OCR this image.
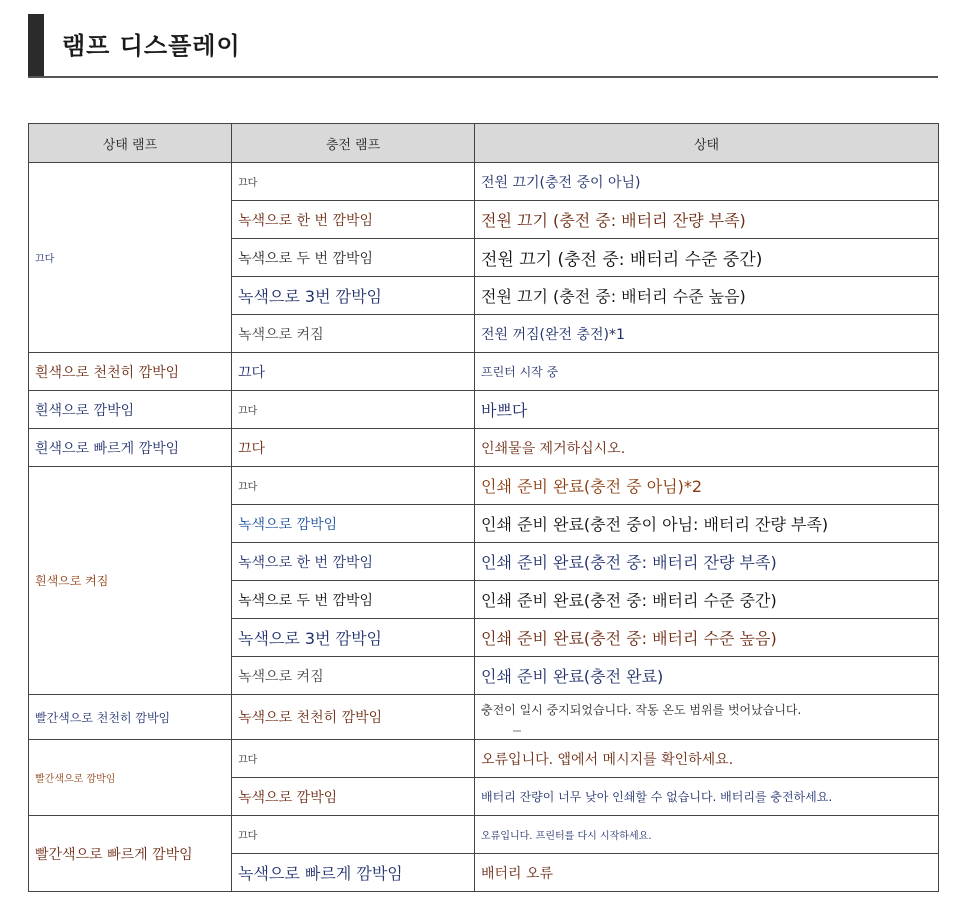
램프 디스플레이
상태 램프	충전 램프	상태
끄다	끄다	전원 끄기(충전 중이 아님)
	녹색으로 한 번 깜박임	전원 끄기 (충전 중: 배터리 잔량 부족)
	녹색으로 두 번 깜박임	전원 끄기 (충전 중: 배터리 수준 중간)
	녹색으로 3번 깜박임	전원 끄기 (충전 중: 배터리 수준 높음)
	녹색으로 켜짐	전원 꺼짐(완전 충전)*1
흰색으로 천천히 깜박임	끄다	프린터 시작 중
흰색으로 깜박임	끄다	바쁘다
흰색으로 빠르게 깜박임	끄다	인쇄물을 제거하십시오.
흰색으로 켜짐	끄다	인쇄 준비 완료(충전 중 아님)*2
	녹색으로 깜박임	인쇄 준비 완료(충전 중이 아님: 배터리 잔량 부족)
	녹색으로 한 번 깜박임	인쇄 준비 완료(충전 중: 배터리 잔량 부족)
	녹색으로 두 번 깜박임	인쇄 준비 완료(충전 중: 배터리 수준 중간)
	녹색으로 3번 깜박임	인쇄 준비 완료(충전 중: 배터리 수준 높음)
	녹색으로 켜짐	인쇄 준비 완료(충전 완료)
빨간색으로 천천히 깜박임	녹색으로 천천히 깜박임	충전이 일시 중지되었습니다. 작동 온도 범위를 벗어났습니다.

빨간색으로 깜박임	끄다	오류입니다. 앱에서 메시지를 확인하세요.
	녹색으로 깜박임	배터리 잔량이 너무 낮아 인쇄할 수 없습니다. 배터리를 충전하세요.
빨간색으로 빠르게 깜박임	끄다	오류입니다. 프린터를 다시 시작하세요.
	녹색으로 빠르게 깜박임	배터리 오류
